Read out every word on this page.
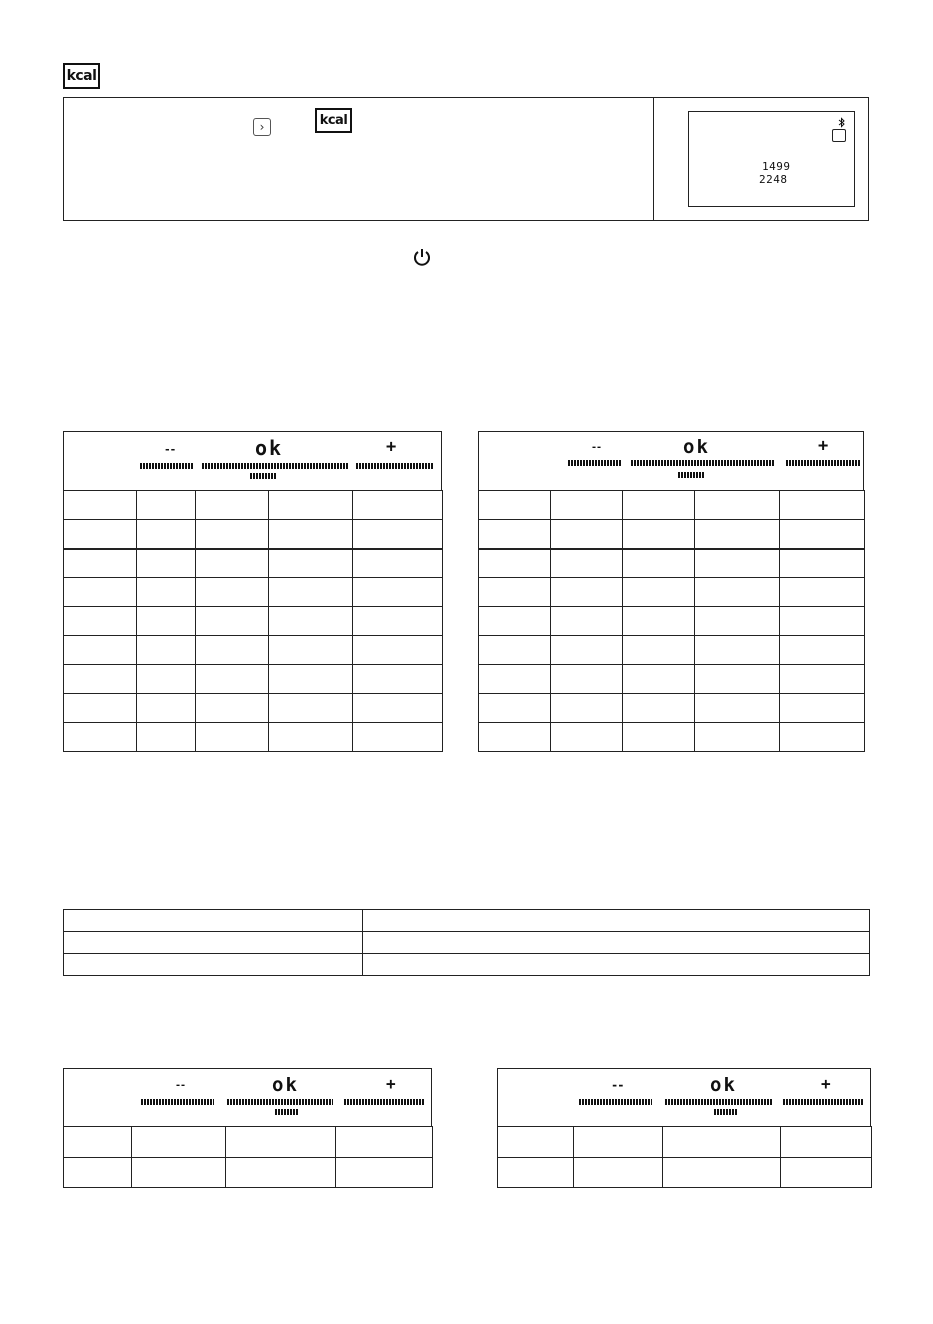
kcal
›	kcal
1499
2248
--	ok	+

					--	ok	+

--	ok	+

				--	ok	+
